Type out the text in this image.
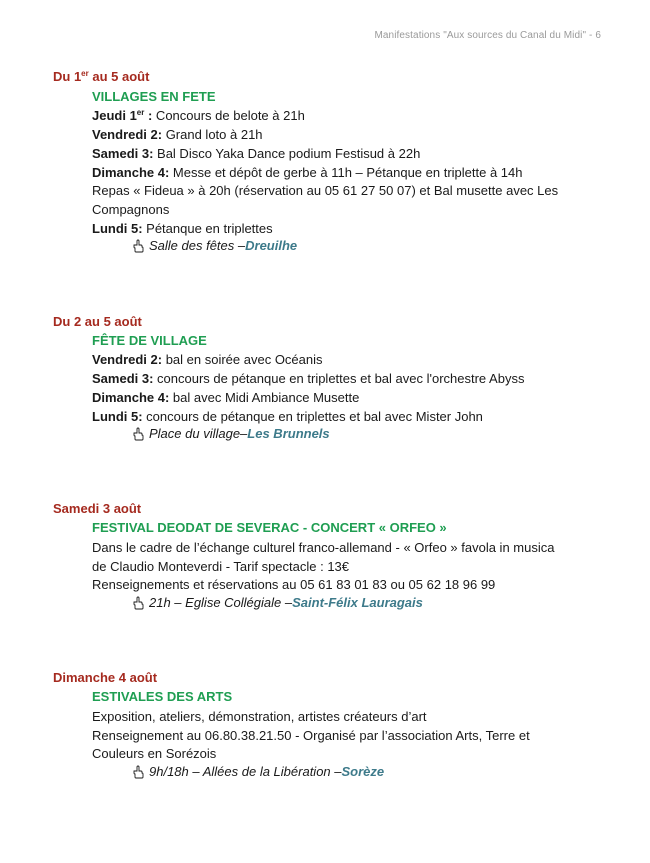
Manifestations "Aux sources du Canal du Midi" - 6

Du 1er au 5 août

VILLAGES EN FETE

Jeudi 1er : Concours de belote à 21h

Vendredi 2: Grand loto à 21h

Samedi 3: Bal Disco Yaka Dance podium Festisud à 22h

Dimanche 4: Messe et dépôt de gerbe à 11h – Pétanque en triplette à 14h

Repas « Fideua » à 20h (réservation au 05 61 27 50 07) et Bal musette avec Les

Compagnons

Lundi 5: Pétanque en triplettes

Salle des fêtes – Dreuilhe

Du 2 au 5 août

FÊTE DE VILLAGE

Vendredi 2: bal en soirée avec Océanis

Samedi 3: concours de pétanque en triplettes et bal avec l'orchestre Abyss

Dimanche 4: bal avec Midi Ambiance Musette

Lundi 5: concours de pétanque en triplettes et bal avec Mister John

Place du village– Les Brunnels

Samedi 3 août

FESTIVAL DEODAT DE SEVERAC - CONCERT « ORFEO »

Dans le cadre de l’échange culturel franco-allemand - « Orfeo » favola in musica

de Claudio Monteverdi - Tarif spectacle : 13€

Renseignements et réservations au 05 61 83 01 83 ou 05 62 18 96 99

21h – Eglise Collégiale – Saint-Félix Lauragais

Dimanche 4 août

ESTIVALES DES ARTS

Exposition, ateliers, démonstration, artistes créateurs d’art

Renseignement au 06.80.38.21.50 - Organisé par l’association Arts, Terre et

Couleurs en Sorézois

9h/18h – Allées de la Libération – Sorèze
